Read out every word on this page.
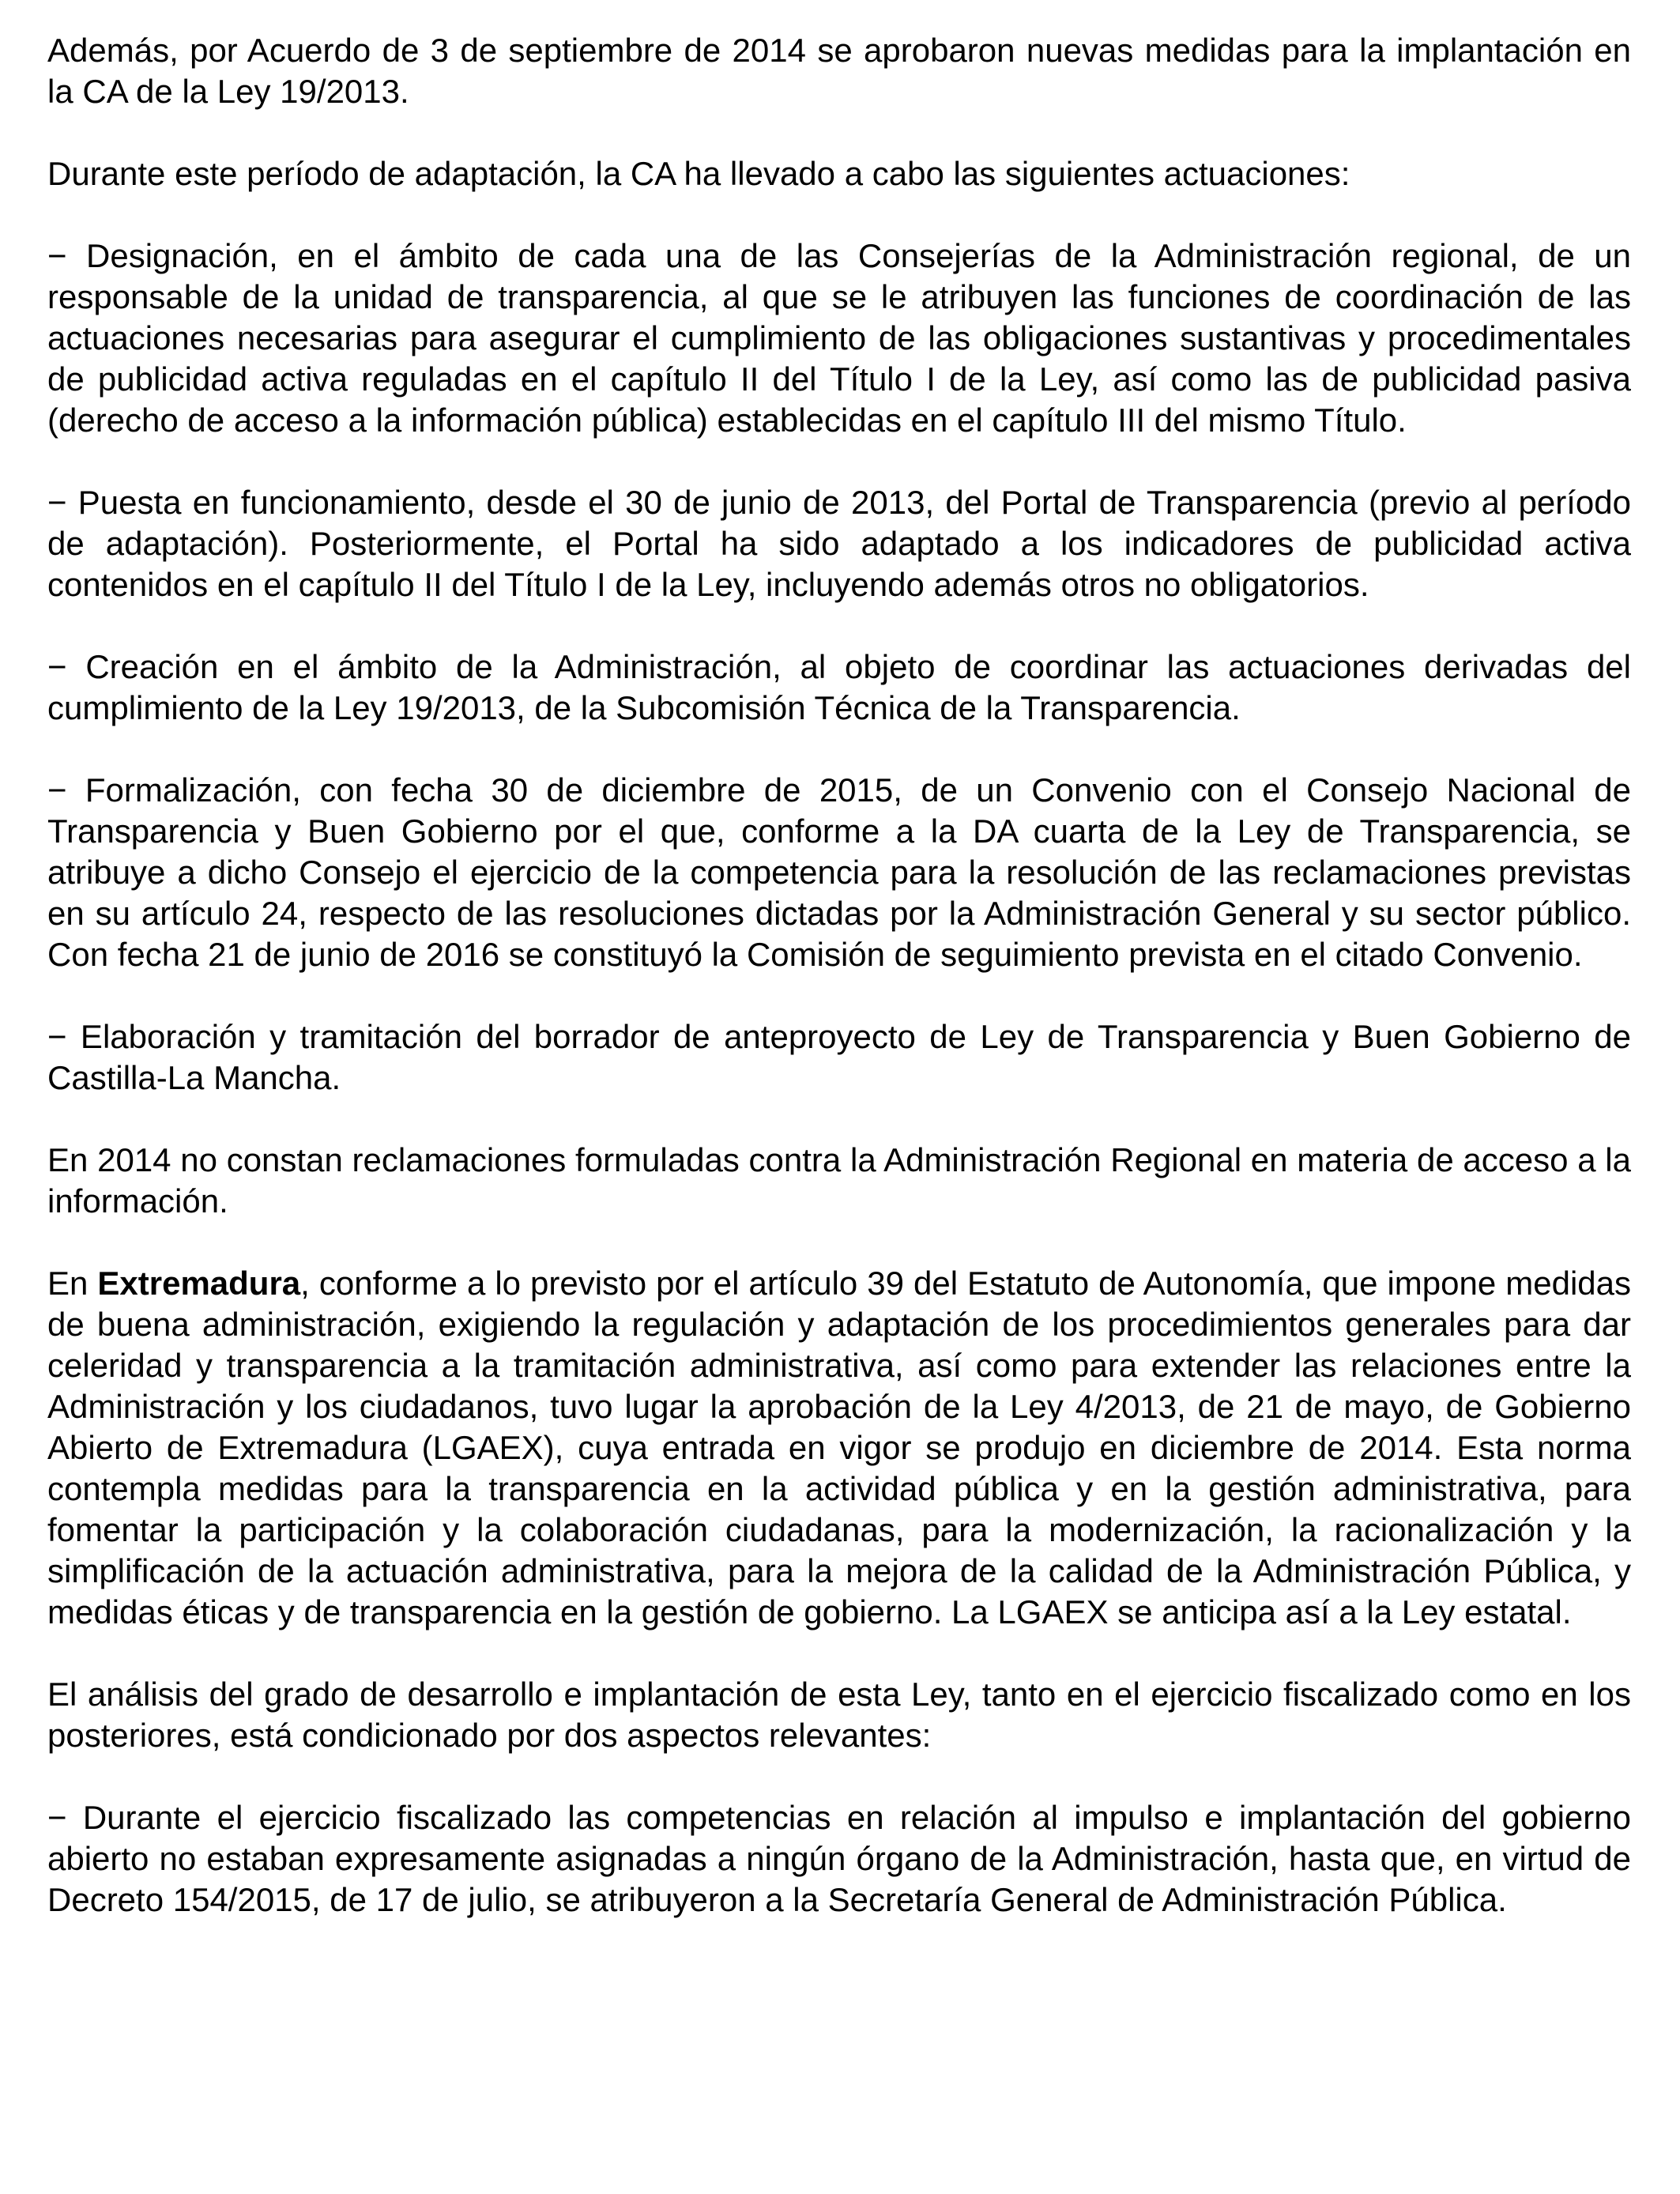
Además, por Acuerdo de 3 de septiembre de 2014 se aprobaron nuevas medidas para la implantación en la CA de la Ley 19/2013.

Durante este período de adaptación, la CA ha llevado a cabo las siguientes actuaciones:

− Designación, en el ámbito de cada una de las Consejerías de la Administración regional, de un responsable de la unidad de transparencia, al que se le atribuyen las funciones de coordinación de las actuaciones necesarias para asegurar el cumplimiento de las obligaciones sustantivas y procedimentales de publicidad activa reguladas en el capítulo II del Título I de la Ley, así como las de publicidad pasiva (derecho de acceso a la información pública) establecidas en el capítulo III del mismo Título.

− Puesta en funcionamiento, desde el 30 de junio de 2013, del Portal de Transparencia (previo al período de adaptación). Posteriormente, el Portal ha sido adaptado a los indicadores de publicidad activa contenidos en el capítulo II del Título I de la Ley, incluyendo además otros no obligatorios.

− Creación en el ámbito de la Administración, al objeto de coordinar las actuaciones derivadas del cumplimiento de la Ley 19/2013, de la Subcomisión Técnica de la Transparencia.

− Formalización, con fecha 30 de diciembre de 2015, de un Convenio con el Consejo Nacional de Transparencia y Buen Gobierno por el que, conforme a la DA cuarta de la Ley de Transparencia, se atribuye a dicho Consejo el ejercicio de la competencia para la resolución de las reclamaciones previstas en su artículo 24, respecto de las resoluciones dictadas por la Administración General y su sector público. Con fecha 21 de junio de 2016 se constituyó la Comisión de seguimiento prevista en el citado Convenio.

− Elaboración y tramitación del borrador de anteproyecto de Ley de Transparencia y Buen Gobierno de Castilla-La Mancha.

En 2014 no constan reclamaciones formuladas contra la Administración Regional en materia de acceso a la información.

En Extremadura, conforme a lo previsto por el artículo 39 del Estatuto de Autonomía, que impone medidas de buena administración, exigiendo la regulación y adaptación de los procedimientos generales para dar celeridad y transparencia a la tramitación administrativa, así como para extender las relaciones entre la Administración y los ciudadanos, tuvo lugar la aprobación de la Ley 4/2013, de 21 de mayo, de Gobierno Abierto de Extremadura (LGAEX), cuya entrada en vigor se produjo en diciembre de 2014. Esta norma contempla medidas para la transparencia en la actividad pública y en la gestión administrativa, para fomentar la participación y la colaboración ciudadanas, para la modernización, la racionalización y la simplificación de la actuación administrativa, para la mejora de la calidad de la Administración Pública, y medidas éticas y de transparencia en la gestión de gobierno. La LGAEX se anticipa así a la Ley estatal.

El análisis del grado de desarrollo e implantación de esta Ley, tanto en el ejercicio fiscalizado como en los posteriores, está condicionado por dos aspectos relevantes:

− Durante el ejercicio fiscalizado las competencias en relación al impulso e implantación del gobierno abierto no estaban expresamente asignadas a ningún órgano de la Administración, hasta que, en virtud de Decreto 154/2015, de 17 de julio, se atribuyeron a la Secretaría General de Administración Pública.
